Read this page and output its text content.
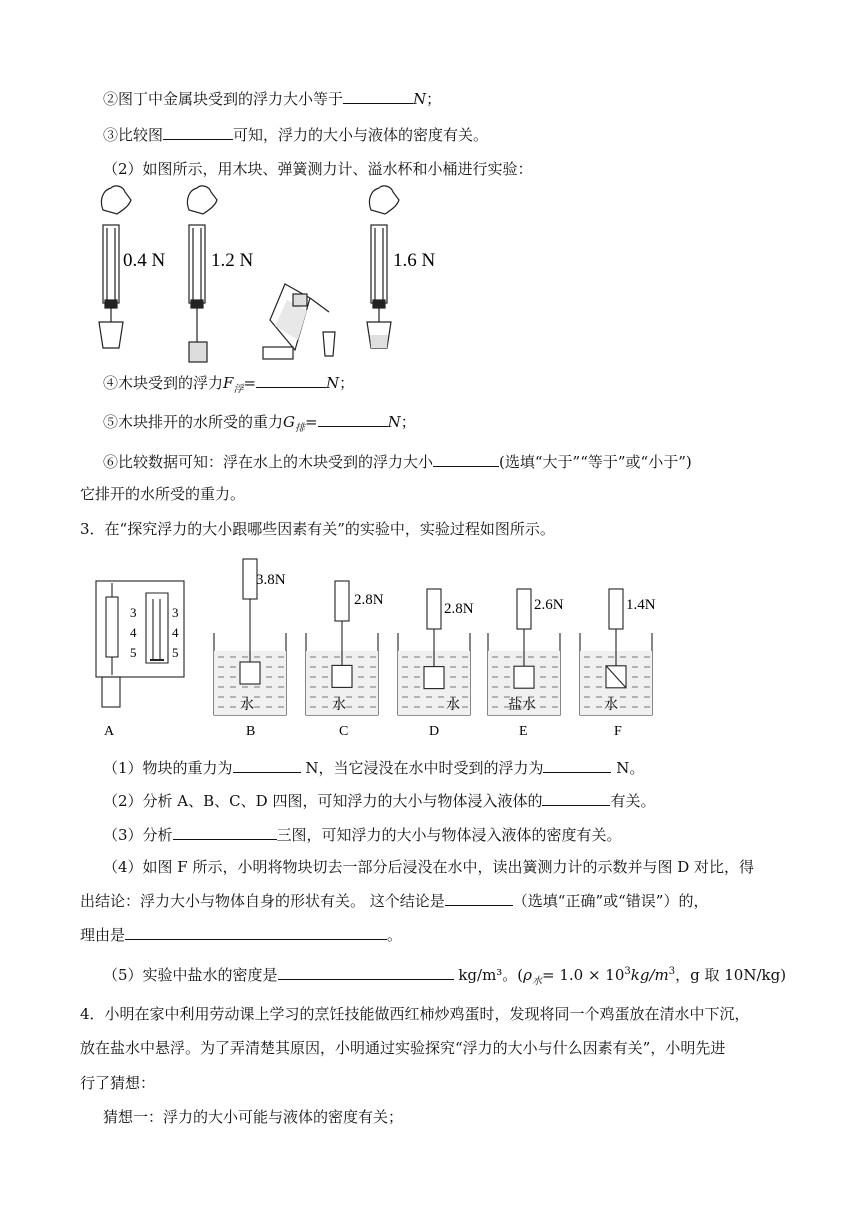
②图丁中金属块受到的浮力大小等于	N；
③比较图	可知，浮力的大小与液体的密度有关。
（2）如图所示，用木块、弹簧测力计、溢水杯和小桶进行实验：
0.4 N 1.2 N	1.6 N
④木块受到的浮力$F_浮=$	N；
⑤木块排开的水所受的重力$G_排=$	N；
⑥比较数据可知：浮在水上的木块受到的浮力大小	(选填“大于”“等于”或“小于”)
它排开的水所受的重力。
3．在“探究浮力的大小跟哪些因素有关”的实验中，实验过程如图所示。
3
4
5
3
4
5
A	B	C	D	E	F
3.8N
2.8N
2.8N	2.6N	1.4N
水	水	水	盐水	水
（1）物块的重力为	N，当它浸没在水中时受到的浮力为	N。
（2）分析 A、B、C、D 四图，可知浮力的大小与物体浸入液体的	有关。
（3）分析	三图，可知浮力的大小与物体浸入液体的密度有关。
（4）如图 F 所示，小明将物块切去一部分后浸没在水中，读出簧测力计的示数并与图 D 对比，得
出结论：浮力大小与物体自身的形状有关。 这个结论是	（选填“正确”或“错误”）的，
理由是	。
（5）实验中盐水的密度是	kg/m³。($\rho_水= 1.0 \times 10^3kg/m^3$，g 取 10N/kg)
4．小明在家中利用劳动课上学习的烹饪技能做西红柿炒鸡蛋时，发现将同一个鸡蛋放在清水中下沉，
放在盐水中悬浮。为了弄清楚其原因，小明通过实验探究“浮力的大小与什么因素有关”，小明先进
行了猜想：
猜想一：浮力的大小可能与液体的密度有关；
